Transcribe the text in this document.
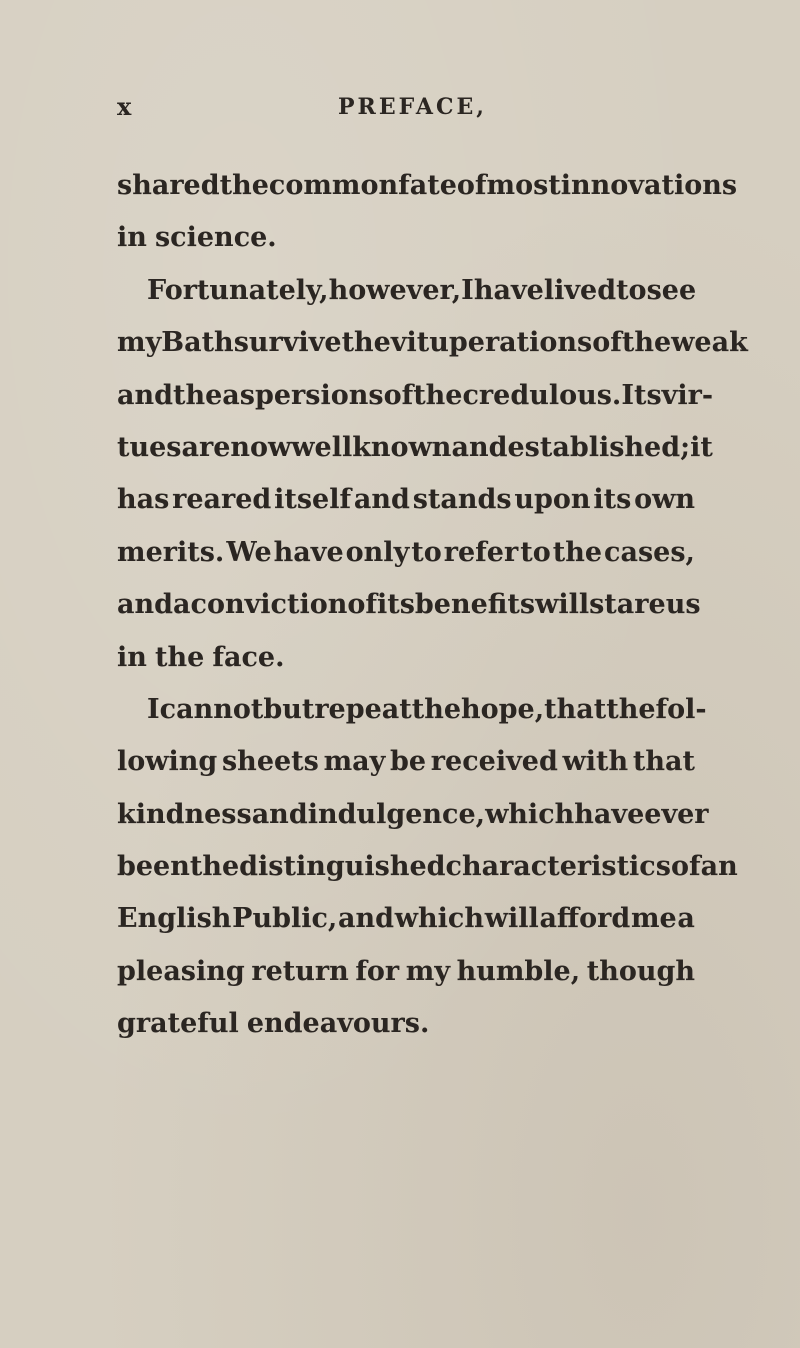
x	PREFACE,
shared the common fate of most innovations
in science.
Fortunately, however, I have lived to see
my Bath survive the vituperations of the weak
and the aspersions of the credulous. Its vir-
tues are now well known and established ; it
has reared itself and stands upon its own
merits. We have only to refer to the cases,
and a conviction of its benefits will stare us
in the face.
I cannot but repeat the hope, that the fol-
lowing sheets may be received with that
kindness and indulgence, which have ever
been the distinguished characteristics of an
English Public, and which will afford me a
pleasing return for my humble, though
grateful endeavours.
